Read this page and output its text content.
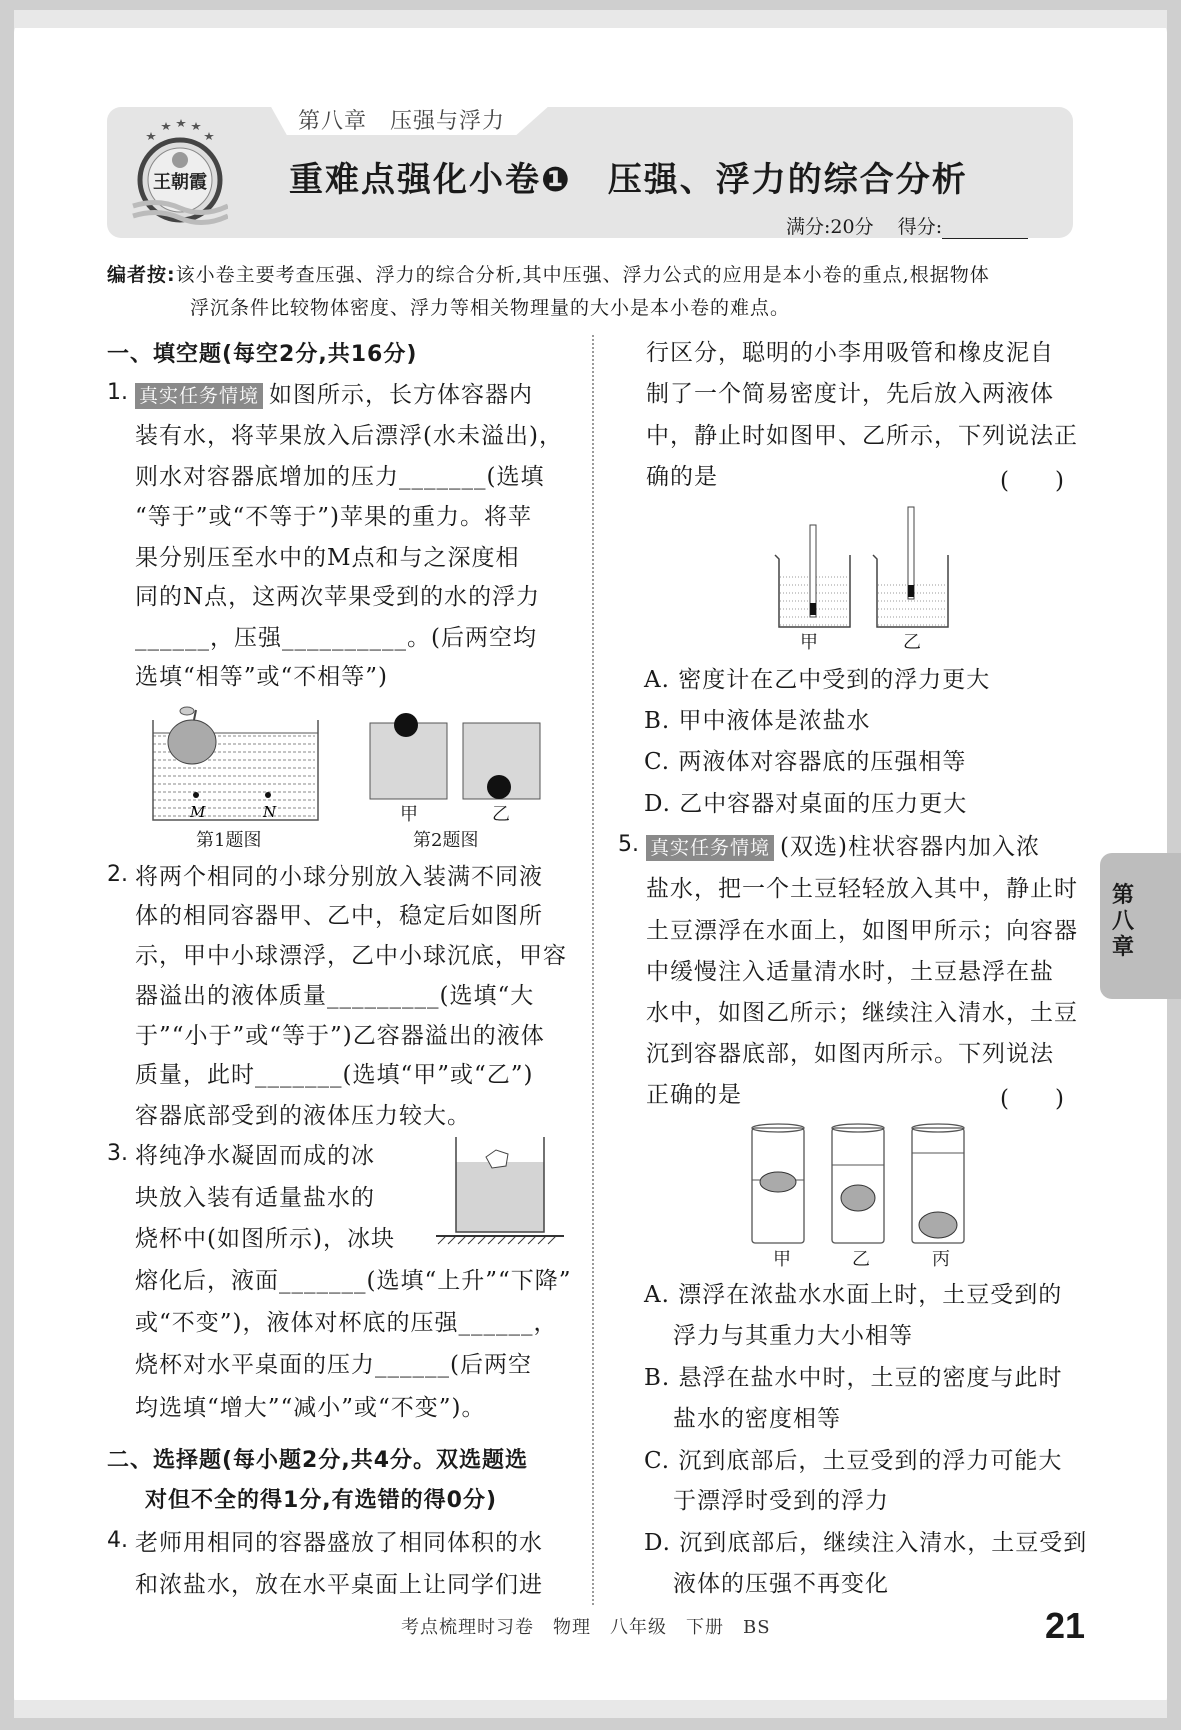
第八章　压强与浮力
王朝霞 重难点强化小卷❶　压强、浮力的综合分析
满分:20分 得分:
编者按:该小卷主要考查压强、浮力的综合分析,其中压强、浮力公式的应用是本小卷的重点,根据物体
浮沉条件比较物体密度、浮力等相关物理量的大小是本小卷的难点。
一、填空题(每空2分,共16分)
1. 真实任务情境 如图所示，长方体容器内
装有水，将苹果放入后漂浮(水未溢出)，
则水对容器底增加的压力_______(选填
“等于”或“不等于”)苹果的重力。将苹
果分别压至水中的M点和与之深度相
同的N点，这两次苹果受到的水的浮力
______，压强__________。(后两空均
选填“相等”或“不相等”)
2. 将两个相同的小球分别放入装满不同液
体的相同容器甲、乙中，稳定后如图所
示，甲中小球漂浮，乙中小球沉底，甲容
器溢出的液体质量_________(选填“大
于”“小于”或“等于”)乙容器溢出的液体
质量，此时_______(选填“甲”或“乙”)
容器底部受到的液体压力较大。
3. 将纯净水凝固而成的冰
块放入装有适量盐水的
烧杯中(如图所示)，冰块
熔化后，液面_______(选填“上升”“下降”
或“不变”)，液体对杯底的压强______，
烧杯对水平桌面的压力______(后两空
均选填“增大”“减小”或“不变”)。
二、选择题(每小题2分,共4分。双选题选
对但不全的得1分,有选错的得0分)
4. 老师用相同的容器盛放了相同体积的水
和浓盐水，放在水平桌面上让同学们进
行区分，聪明的小李用吸管和橡皮泥自
制了一个简易密度计，先后放入两液体
中，静止时如图甲、乙所示，下列说法正
确的是	(　　)
A. 密度计在乙中受到的浮力更大
B. 甲中液体是浓盐水
C. 两液体对容器底的压强相等
D. 乙中容器对桌面的压力更大
5. 真实任务情境 (双选)柱状容器内加入浓
盐水，把一个土豆轻轻放入其中，静止时
土豆漂浮在水面上，如图甲所示；向容器
中缓慢注入适量清水时，土豆悬浮在盐
水中，如图乙所示；继续注入清水，土豆
沉到容器底部，如图丙所示。下列说法
正确的是	(　　)
A. 漂浮在浓盐水水面上时，土豆受到的
浮力与其重力大小相等
B. 悬浮在盐水中时，土豆的密度与此时
盐水的密度相等
C. 沉到底部后，土豆受到的浮力可能大
于漂浮时受到的浮力
D. 沉到底部后，继续注入清水，土豆受到
液体的压强不再变化
M	N
第1题图
甲	乙
第2题图
甲	乙
甲	乙	丙
第八章
考点梳理时习卷　物理　八年级　下册　BS	21
